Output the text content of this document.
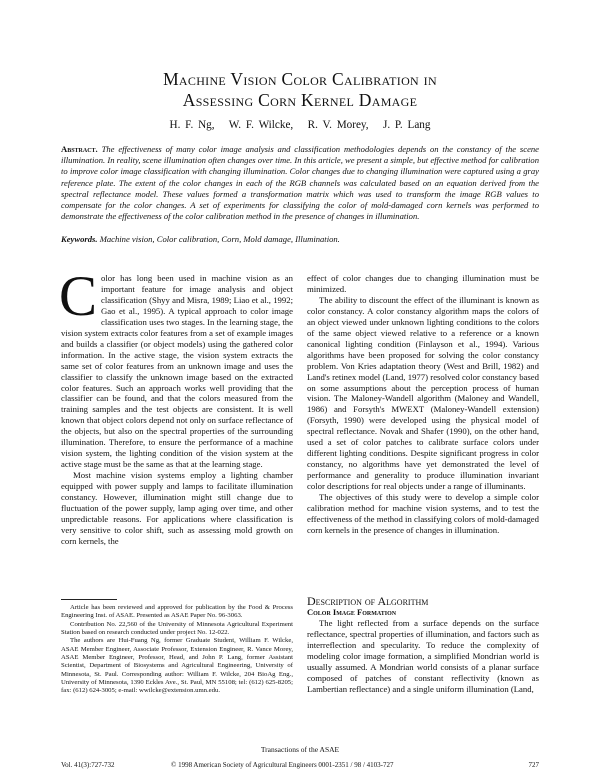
Machine Vision Color Calibration in
Assessing Corn Kernel Damage
H. F. Ng,   W. F. Wilcke,   R. V. Morey,   J. P. Lang
Abstract. The effectiveness of many color image analysis and classification methodologies depends on the constancy of the scene illumination. In reality, scene illumination often changes over time. In this article, we present a simple, but effective method for calibration to improve color image classification with changing illumination. Color changes due to changing illumination were captured using a gray reference plate. The extent of the color changes in each of the RGB channels was calculated based on an equation derived from the spectral reflectance model. These values formed a transformation matrix which was used to transform the image RGB values to compensate for the color changes. A set of experiments for classifying the color of mold-damaged corn kernels was performed to demonstrate the effectiveness of the color calibration method in the presence of changes in illumination.
Keywords. Machine vision, Color calibration, Corn, Mold damage, Illumination.

Color has long been used in machine vision as an important feature for image analysis and object classification (Shyy and Misra, 1989; Liao et al., 1992; Gao et al., 1995). A typical approach to color image classification uses two stages. In the learning stage, the vision system extracts color features from a set of example images and builds a classifier (or object models) using the gathered color information. In the active stage, the vision system extracts the same set of color features from an unknown image and uses the classifier to classify the unknown image based on the extracted color features. Such an approach works well providing that the classifier can be found, and that the colors measured from the training samples and the test objects are consistent. It is well known that object colors depend not only on surface reflectance of the objects, but also on the spectral properties of the surrounding illumination. Therefore, to ensure the performance of a machine vision system, the lighting condition of the vision system at the active stage must be the same as that at the learning stage.

Most machine vision systems employ a lighting chamber equipped with power supply and lamps to facilitate illumination constancy. However, illumination might still change due to fluctuation of the power supply, lamp aging over time, and other unpredictable reasons. For applications where classification is very sensitive to color shift, such as assessing mold growth on corn kernels, the

Article has been reviewed and approved for publication by the Food & Process Engineering Inst. of ASAE. Presented as ASAE Paper No. 96-3063.

Contribution No. 22,560 of the University of Minnesota Agricultural Experiment Station based on research conducted under project No. 12-022.

The authors are Hui-Fuang Ng, former Graduate Student, William F. Wilcke, ASAE Member Engineer, Associate Professor, Extension Engineer, R. Vance Morey, ASAE Member Engineer, Professor, Head, and John P. Lang, former Assistant Scientist, Department of Biosystems and Agricultural Engineering, University of Minnesota, St. Paul. Corresponding author: William F. Wilcke, 204 BioAg Eng., University of Minnesota, 1390 Eckles Ave., St. Paul, MN 55108; tel: (612) 625-8205; fax: (612) 624-3005; e-mail: wwilcke@extension.umn.edu.

effect of color changes due to changing illumination must be minimized.

The ability to discount the effect of the illuminant is known as color constancy. A color constancy algorithm maps the colors of an object viewed under unknown lighting conditions to the colors of the same object viewed relative to a reference or a known canonical lighting condition (Finlayson et al., 1994). Various algorithms have been proposed for solving the color constancy problem. Von Kries adaptation theory (West and Brill, 1982) and Land's retinex model (Land, 1977) resolved color constancy based on some assumptions about the perception process of human vision. The Maloney-Wandell algorithm (Maloney and Wandell, 1986) and Forsyth's MWEXT (Maloney-Wandell extension) (Forsyth, 1990) were developed using the physical model of spectral reflectance. Novak and Shafer (1990), on the other hand, used a set of color patches to calibrate surface colors under different lighting conditions. Despite significant progress in color constancy, no algorithms have yet demonstrated the level of performance and generality to produce illumination invariant color descriptions for real objects under a range of illuminants.

The objectives of this study were to develop a simple color calibration method for machine vision systems, and to test the effectiveness of the method in classifying colors of mold-damaged corn kernels in the presence of changes in illumination.

Description of Algorithm
Color Image Formation

The light reflected from a surface depends on the surface reflectance, spectral properties of illumination, and factors such as interreflection and specularity. To reduce the complexity of modeling color image formation, a simplified Mondrian world is usually assumed. A Mondrian world consists of a planar surface composed of patches of constant reflectivity (known as Lambertian reflectance) and a single uniform illumination (Land,

Transactions of the ASAE
Vol. 41(3):727-732	© 1998 American Society of Agricultural Engineers 0001-2351 / 98 / 4103-727	727
